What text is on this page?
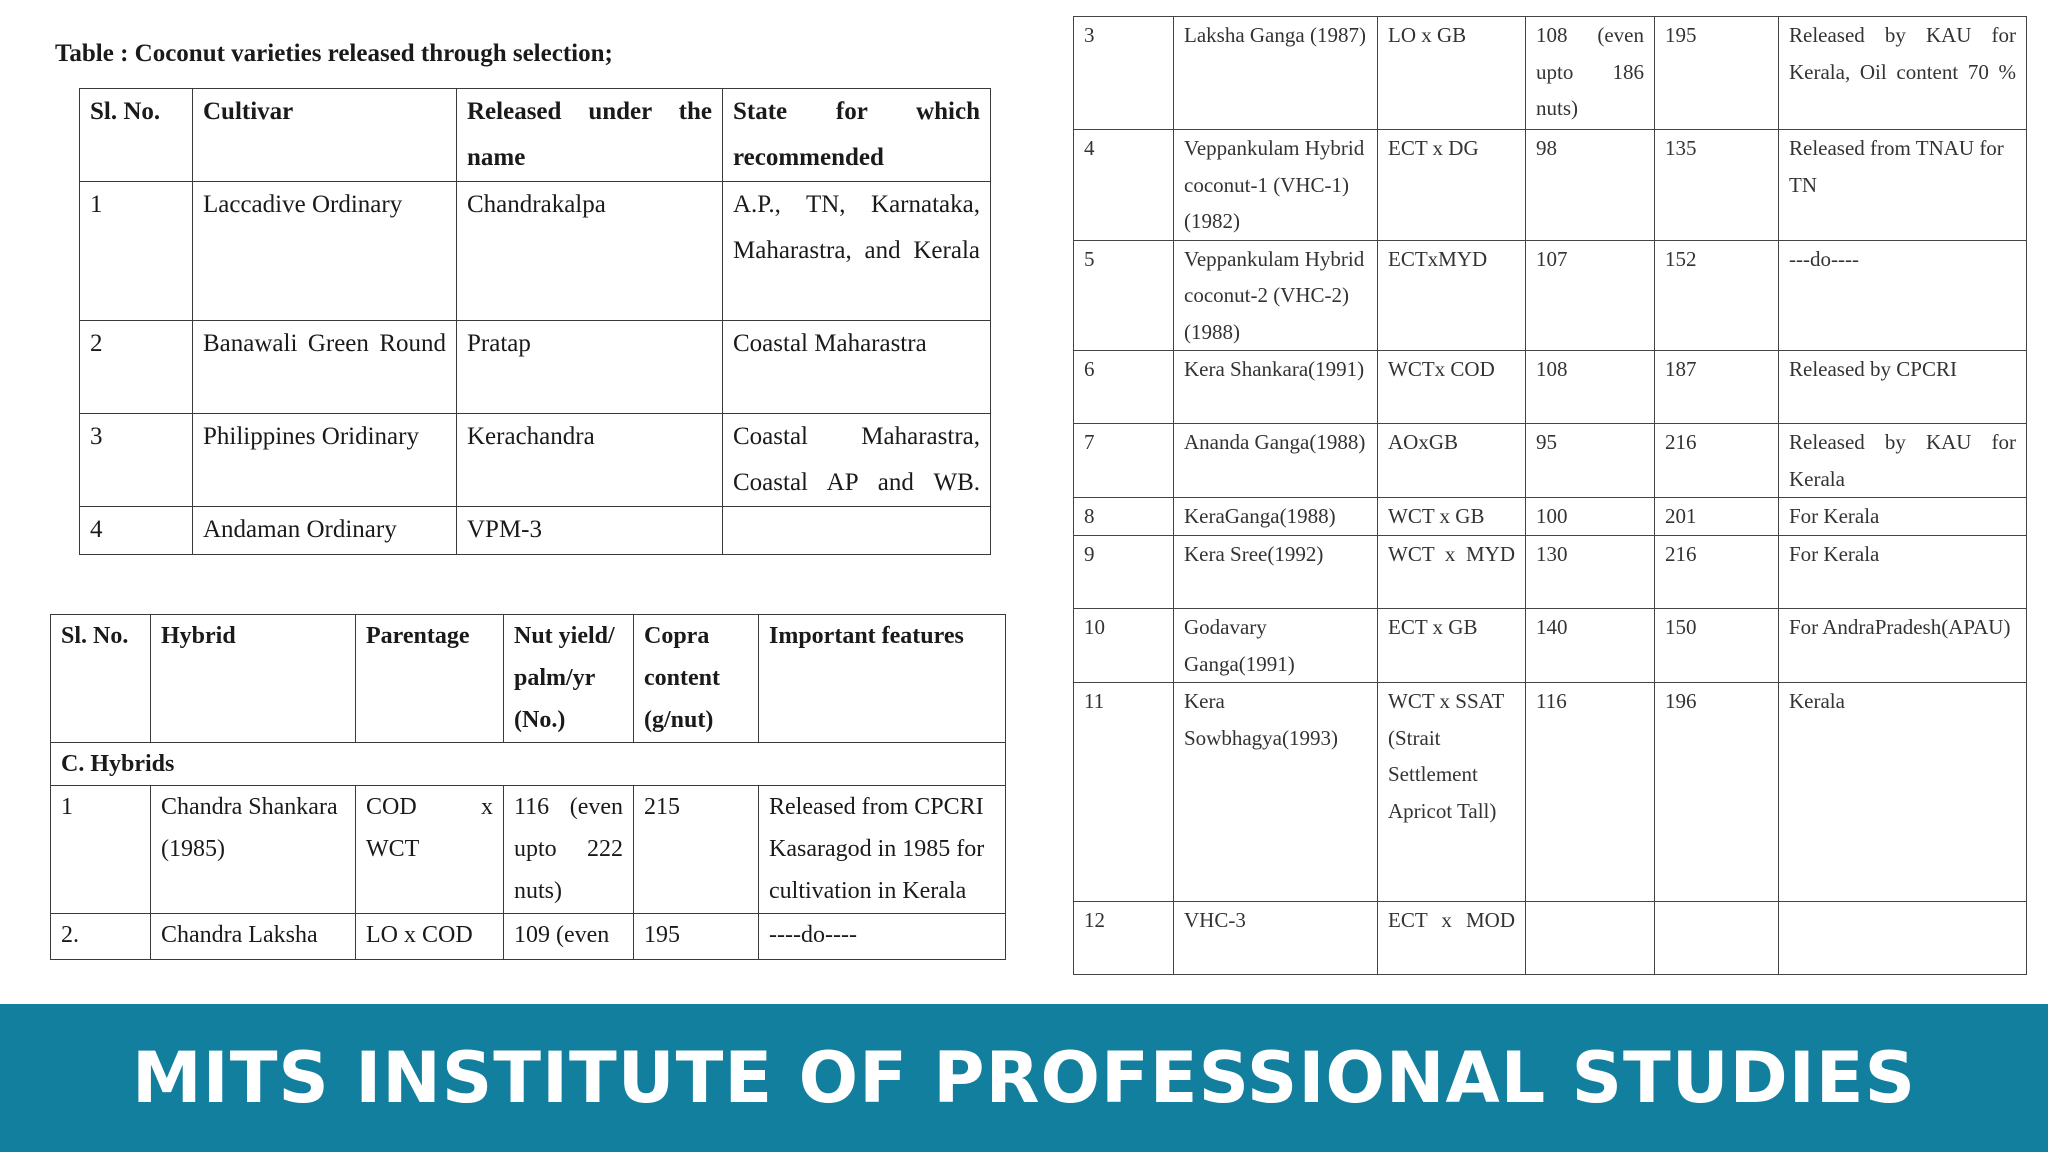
Table : Coconut varieties released through selection;
Sl. No.	Cultivar	Released under the name	State for which recommended
1	Laccadive Ordinary	Chandrakalpa	A.P., TN, Karnataka, Maharastra, and Kerala
2	Banawali Green Round	Pratap	Coastal Maharastra
3	Philippines Oridinary	Kerachandra	Coastal Maharastra, Coastal AP and WB.
4	Andaman Ordinary	VPM-3	
Sl. No.	Hybrid	Parentage	Nut yield/ palm/yr (No.)	Copra content (g/nut)	Important features
C. Hybrids					
1	Chandra Shankara (1985)	COD x WCT	116 (even upto 222 nuts)	215	Released from CPCRI Kasaragod in 1985 for cultivation in Kerala
2.	Chandra Laksha	LO x COD	109 (even	195	----do----
3	Laksha Ganga (1987)	LO x GB	108 (even upto 186 nuts)	195	Released by KAU for Kerala, Oil content 70 %
4	Veppankulam Hybrid coconut-1 (VHC-1) (1982)	ECT x DG	98	135	Released from TNAU for TN
5	Veppankulam Hybrid coconut-2 (VHC-2) (1988)	ECTxMYD	107	152	---do----
6	Kera Shankara(1991)	WCTx COD	108	187	Released by CPCRI
7	Ananda Ganga(1988)	AOxGB	95	216	Released by KAU for Kerala
8	KeraGanga(1988)	WCT x GB	100	201	For Kerala
9	Kera Sree(1992)	WCT x MYD	130	216	For Kerala
10	Godavary Ganga(1991)	ECT x GB	140	150	For AndraPradesh(APAU)
11	Kera Sowbhagya(1993)	WCT x SSAT (Strait Settlement Apricot Tall)	116	196	Kerala
12	VHC-3	ECT x MOD			
MITS INSTITUTE OF PROFESSIONAL STUDIES
